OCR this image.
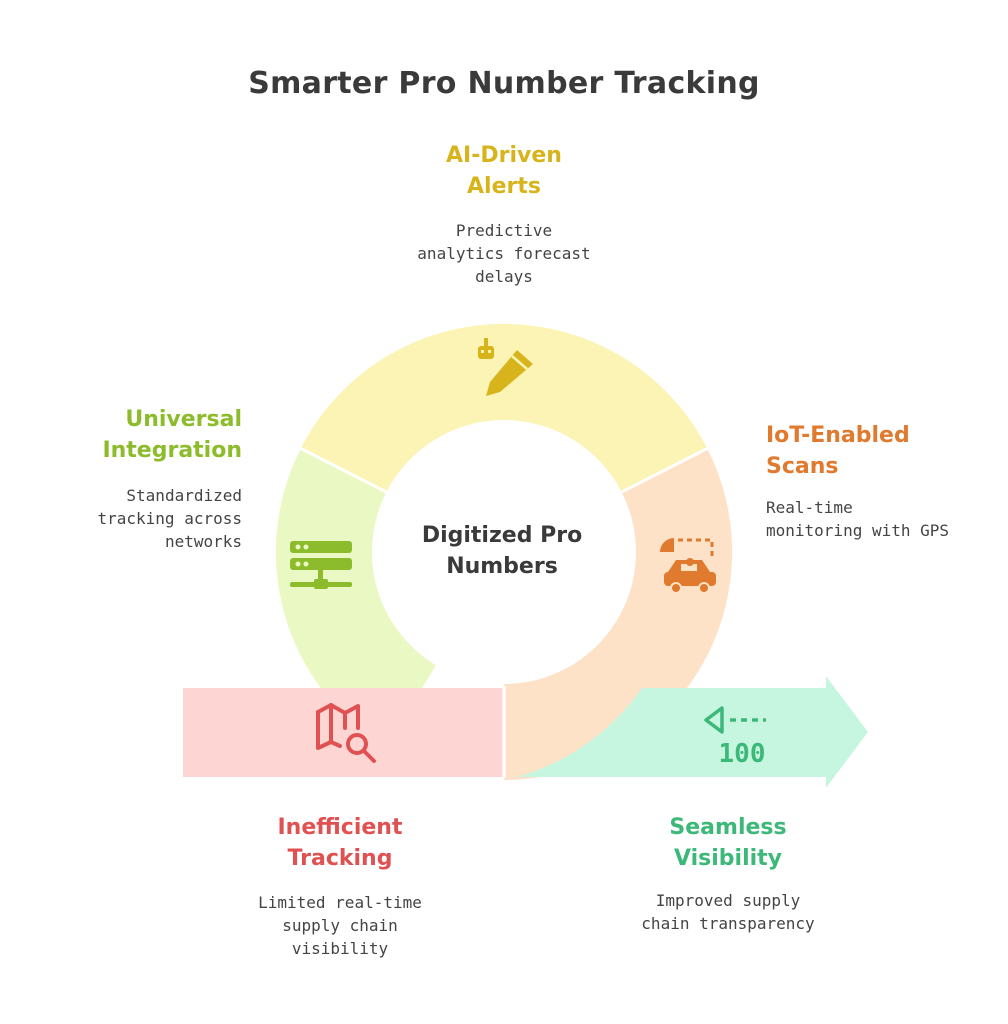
100
Smarter Pro Number Tracking
Digitized Pro
Numbers
AI-Driven
Alerts
Predictive
analytics forecast
delays
IoT-Enabled
Scans
Real-time
monitoring with GPS
Universal
Integration
Standardized
tracking across
networks
Inefficient
Tracking
Limited real-time
supply chain
visibility
Seamless
Visibility
Improved supply
chain transparency
